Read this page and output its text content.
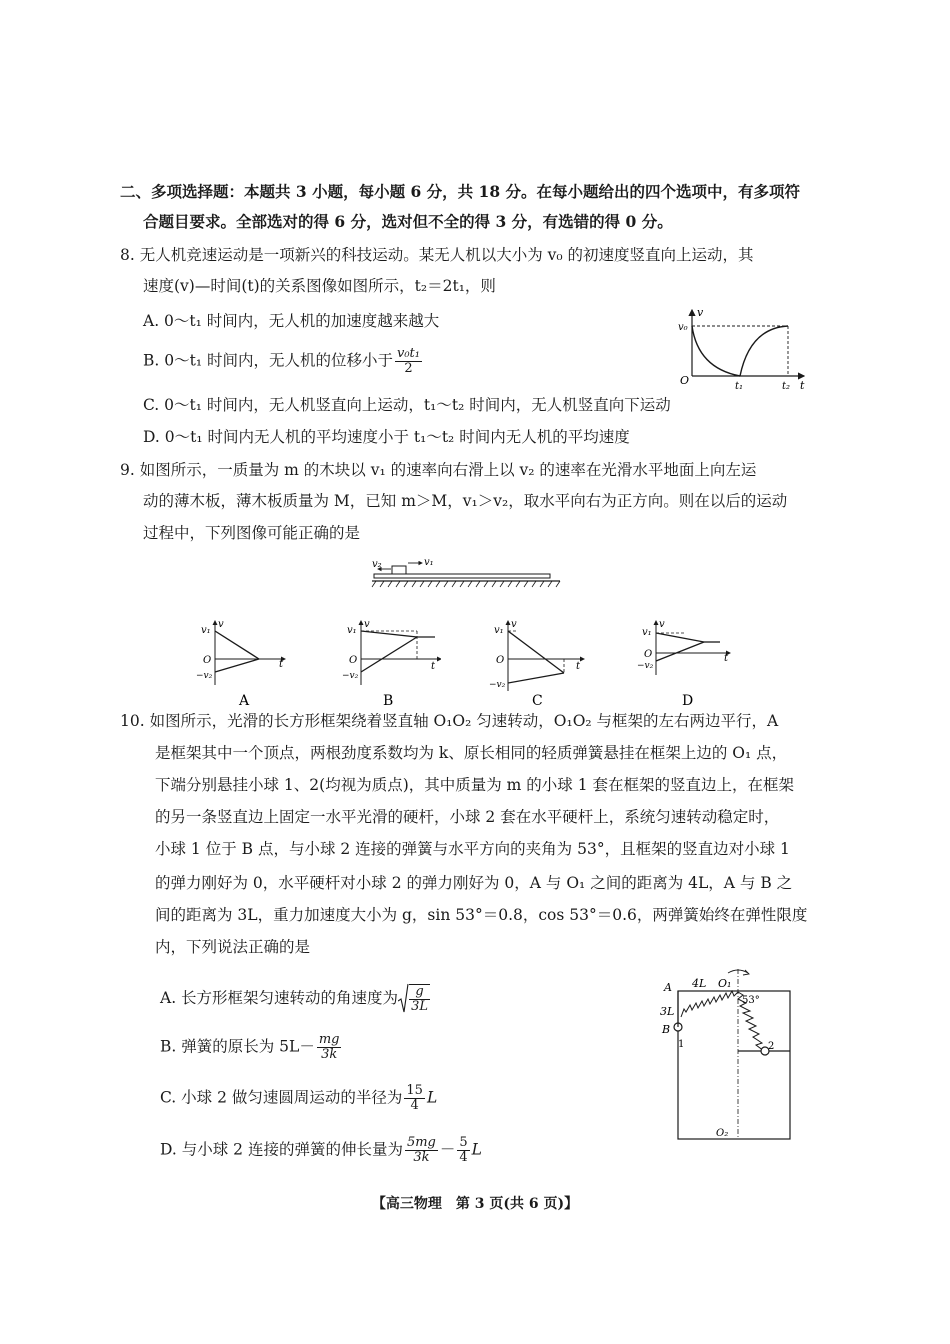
二、多项选择题：本题共 3 小题，每小题 6 分，共 18 分。在每小题给出的四个选项中，有多项符
合题目要求。全部选对的得 6 分，选对但不全的得 3 分，有选错的得 0 分。
8. 无人机竞速运动是一项新兴的科技运动。某无人机以大小为 v₀ 的初速度竖直向上运动，其
速度(v)—时间(t)的关系图像如图所示，t₂＝2t₁，则
A. 0～t₁ 时间内，无人机的加速度越来越大
B. 0～t₁ 时间内，无人机的位移小于 $\frac{\text{v₀t₁}}{2}$
C. 0～t₁ 时间内，无人机竖直向上运动，t₁～t₂ 时间内，无人机竖直向下运动
D. 0～t₁ 时间内无人机的平均速度小于 t₁～t₂ 时间内无人机的平均速度
v
v₀
O	t₁	t₂ t
9. 如图所示，一质量为 m 的木块以 v₁ 的速率向右滑上以 v₂ 的速率在光滑水平地面上向左运
动的薄木板，薄木板质量为 M，已知 m＞M，v₁＞v₂，取水平向右为正方向。则在以后的运动
过程中，下列图像可能正确的是
v₁
v₂
v₁
v
O
−v₂
t
A
v₁
v
O
−v₂
t
B
v₁
v
O
−v₂
t
C
v₁
v
O
−v₂
t
D
10. 如图所示，光滑的长方形框架绕着竖直轴 O₁O₂ 匀速转动，O₁O₂ 与框架的左右两边平行，A
是框架其中一个顶点，两根劲度系数均为 k、原长相同的轻质弹簧悬挂在框架上边的 O₁ 点，
下端分别悬挂小球 1、2(均视为质点)，其中质量为 m 的小球 1 套在框架的竖直边上，在框架
的另一条竖直边上固定一水平光滑的硬杆，小球 2 套在水平硬杆上，系统匀速转动稳定时，
小球 1 位于 B 点，与小球 2 连接的弹簧与水平方向的夹角为 53°，且框架的竖直边对小球 1
的弹力刚好为 0，水平硬杆对小球 2 的弹力刚好为 0，A 与 O₁ 之间的距离为 4L，A 与 B 之
间的距离为 3L，重力加速度大小为 g，sin 53°＝0.8，cos 53°＝0.6，两弹簧始终在弹性限度
内，下列说法正确的是
A. 长方形框架匀速转动的角速度为 $\frac{g}{3L}$
B. 弹簧的原长为 $5L- \frac{mg}{3k}$
C. 小球 2 做匀速圆周运动的半径为 $\frac{15}{4}$ L
D. 与小球 2 连接的弹簧的伸长量为 $\frac{5mg}{3k} - \frac{5}{4}$ L
A 4L O₁
53°
3L
B
1	2
O₂
【高三物理　第 3 页(共 6 页)】
